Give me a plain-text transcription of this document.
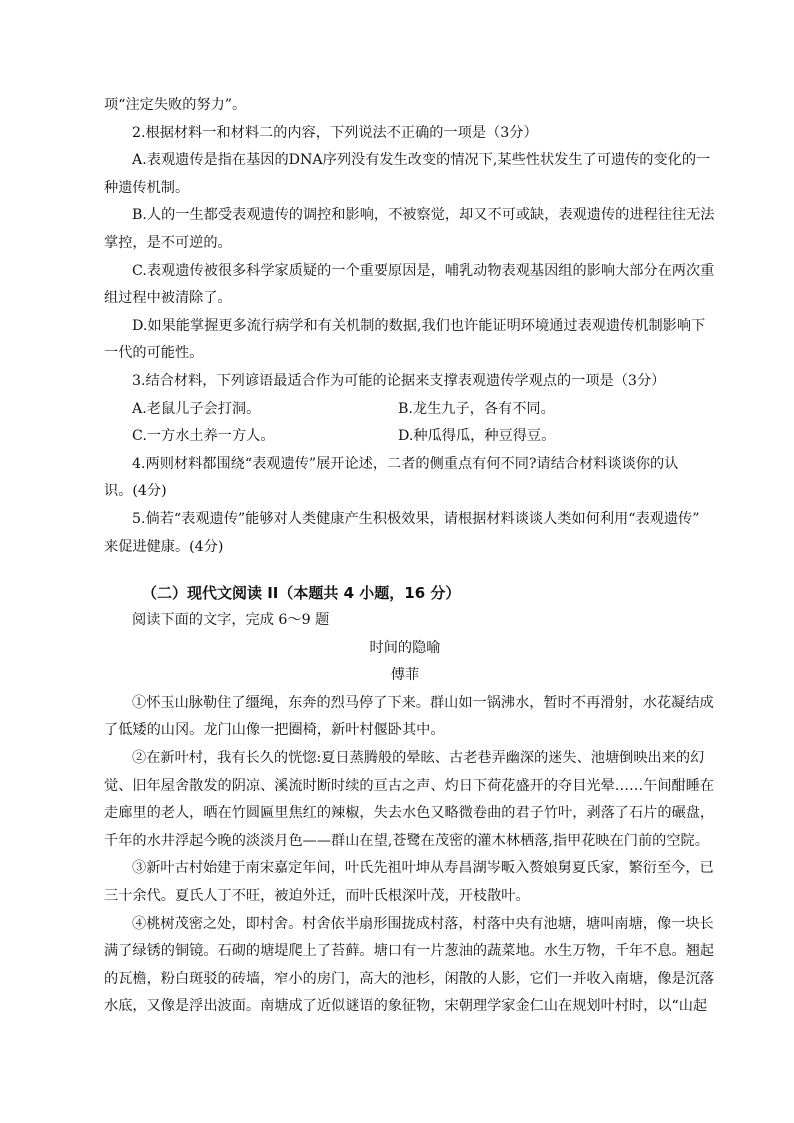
项“注定失败的努力”。

2.根据材料一和材料二的内容，下列说法不正确的一项是（3分）

A.表观遗传是指在基因的DNA序列没有发生改变的情况下,某些性状发生了可遗传的变化的一

种遗传机制。

B.人的一生都受表观遗传的调控和影响，不被察觉，却又不可或缺，表观遗传的进程往往无法

掌控，是不可逆的。

C.表观遗传被很多科学家质疑的一个重要原因是，哺乳动物表观基因组的影响大部分在两次重

组过程中被清除了。

D.如果能掌握更多流行病学和有关机制的数据,我们也许能证明环境通过表观遗传机制影响下

一代的可能性。

3.结合材料，下列谚语最适合作为可能的论据来支撑表观遗传学观点的一项是（3分）

A.老鼠儿子会打洞。	B.龙生九子，各有不同。
C.一方水土养一方人。	D.种瓜得瓜，种豆得豆。

4.两则材料都围绕“表观遗传”展开论述，二者的侧重点有何不同?请结合材料谈谈你的认

识。(4分)

5.倘若“表观遗传”能够对人类健康产生积极效果，请根据材料谈谈人类如何利用“表观遗传”

来促进健康。(4分)

（二）现代文阅读 II（本题共 4 小题，16 分）

阅读下面的文字，完成 6～9 题

时间的隐喻
傅菲

①怀玉山脉勒住了缰绳，东奔的烈马停了下来。群山如一锅沸水，暂时不再滑射，水花凝结成

了低矮的山冈。龙门山像一把圈椅，新叶村偃卧其中。

②在新叶村，我有长久的恍惚:夏日蒸腾般的晕眩、古老巷弄幽深的迷失、池塘倒映出来的幻

觉、旧年屋舍散发的阴凉、溪流时断时续的亘古之声、灼日下荷花盛开的夺目光晕……午间酣睡在

走廊里的老人，晒在竹圆匾里焦红的辣椒，失去水色又略微卷曲的君子竹叶，剥落了石片的碾盘，

千年的水井浮起今晚的淡淡月色——群山在望,苍鹭在茂密的灌木林栖落,指甲花映在门前的空院。

③新叶古村始建于南宋嘉定年间，叶氏先祖叶坤从寿昌湖岑畈入赘娘舅夏氏家，繁衍至今，已

三十余代。夏氏人丁不旺，被迫外迁，而叶氏根深叶茂，开枝散叶。

④桃树茂密之处，即村舍。村舍依半扇形围拢成村落，村落中央有池塘，塘叫南塘，像一块长

满了绿锈的铜镜。石砌的塘堤爬上了苔藓。塘口有一片葱油的蔬菜地。水生万物，千年不息。翘起

的瓦檐，粉白斑驳的砖墙，窄小的房门，高大的池杉，闲散的人影，它们一并收入南塘，像是沉落

水底，又像是浮出波面。南塘成了近似谜语的象征物，宋朝理学家金仁山在规划叶村时，以“山起
